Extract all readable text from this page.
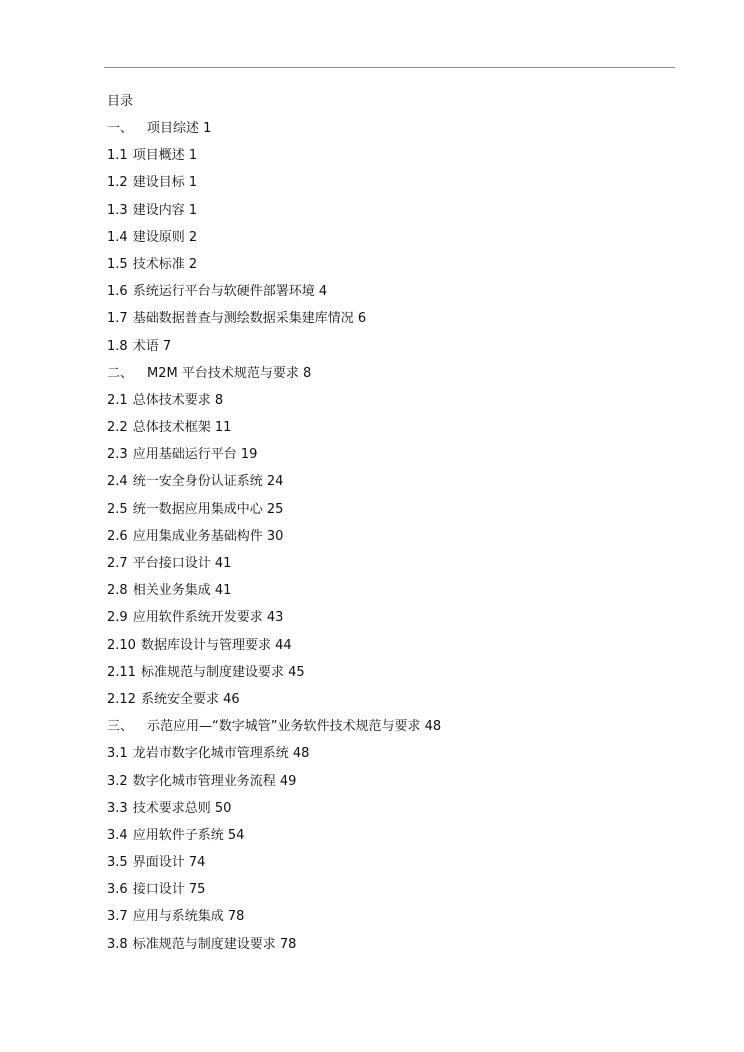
目录
一、 项目综述 1
1.1 项目概述 1
1.2 建设目标 1
1.3 建设内容 1
1.4 建设原则 2
1.5 技术标准 2
1.6 系统运行平台与软硬件部署环境 4
1.7 基础数据普查与测绘数据采集建库情况 6
1.8 术语 7
二、 M2M 平台技术规范与要求 8
2.1 总体技术要求 8
2.2 总体技术框架 11
2.3 应用基础运行平台 19
2.4 统一安全身份认证系统 24
2.5 统一数据应用集成中心 25
2.6 应用集成业务基础构件 30
2.7 平台接口设计 41
2.8 相关业务集成 41
2.9 应用软件系统开发要求 43
2.10 数据库设计与管理要求 44
2.11 标准规范与制度建设要求 45
2.12 系统安全要求 46
三、 示范应用—“数字城管”业务软件技术规范与要求 48
3.1 龙岩市数字化城市管理系统 48
3.2 数字化城市管理业务流程 49
3.3 技术要求总则 50
3.4 应用软件子系统 54
3.5 界面设计 74
3.6 接口设计 75
3.7 应用与系统集成 78
3.8 标准规范与制度建设要求 78
